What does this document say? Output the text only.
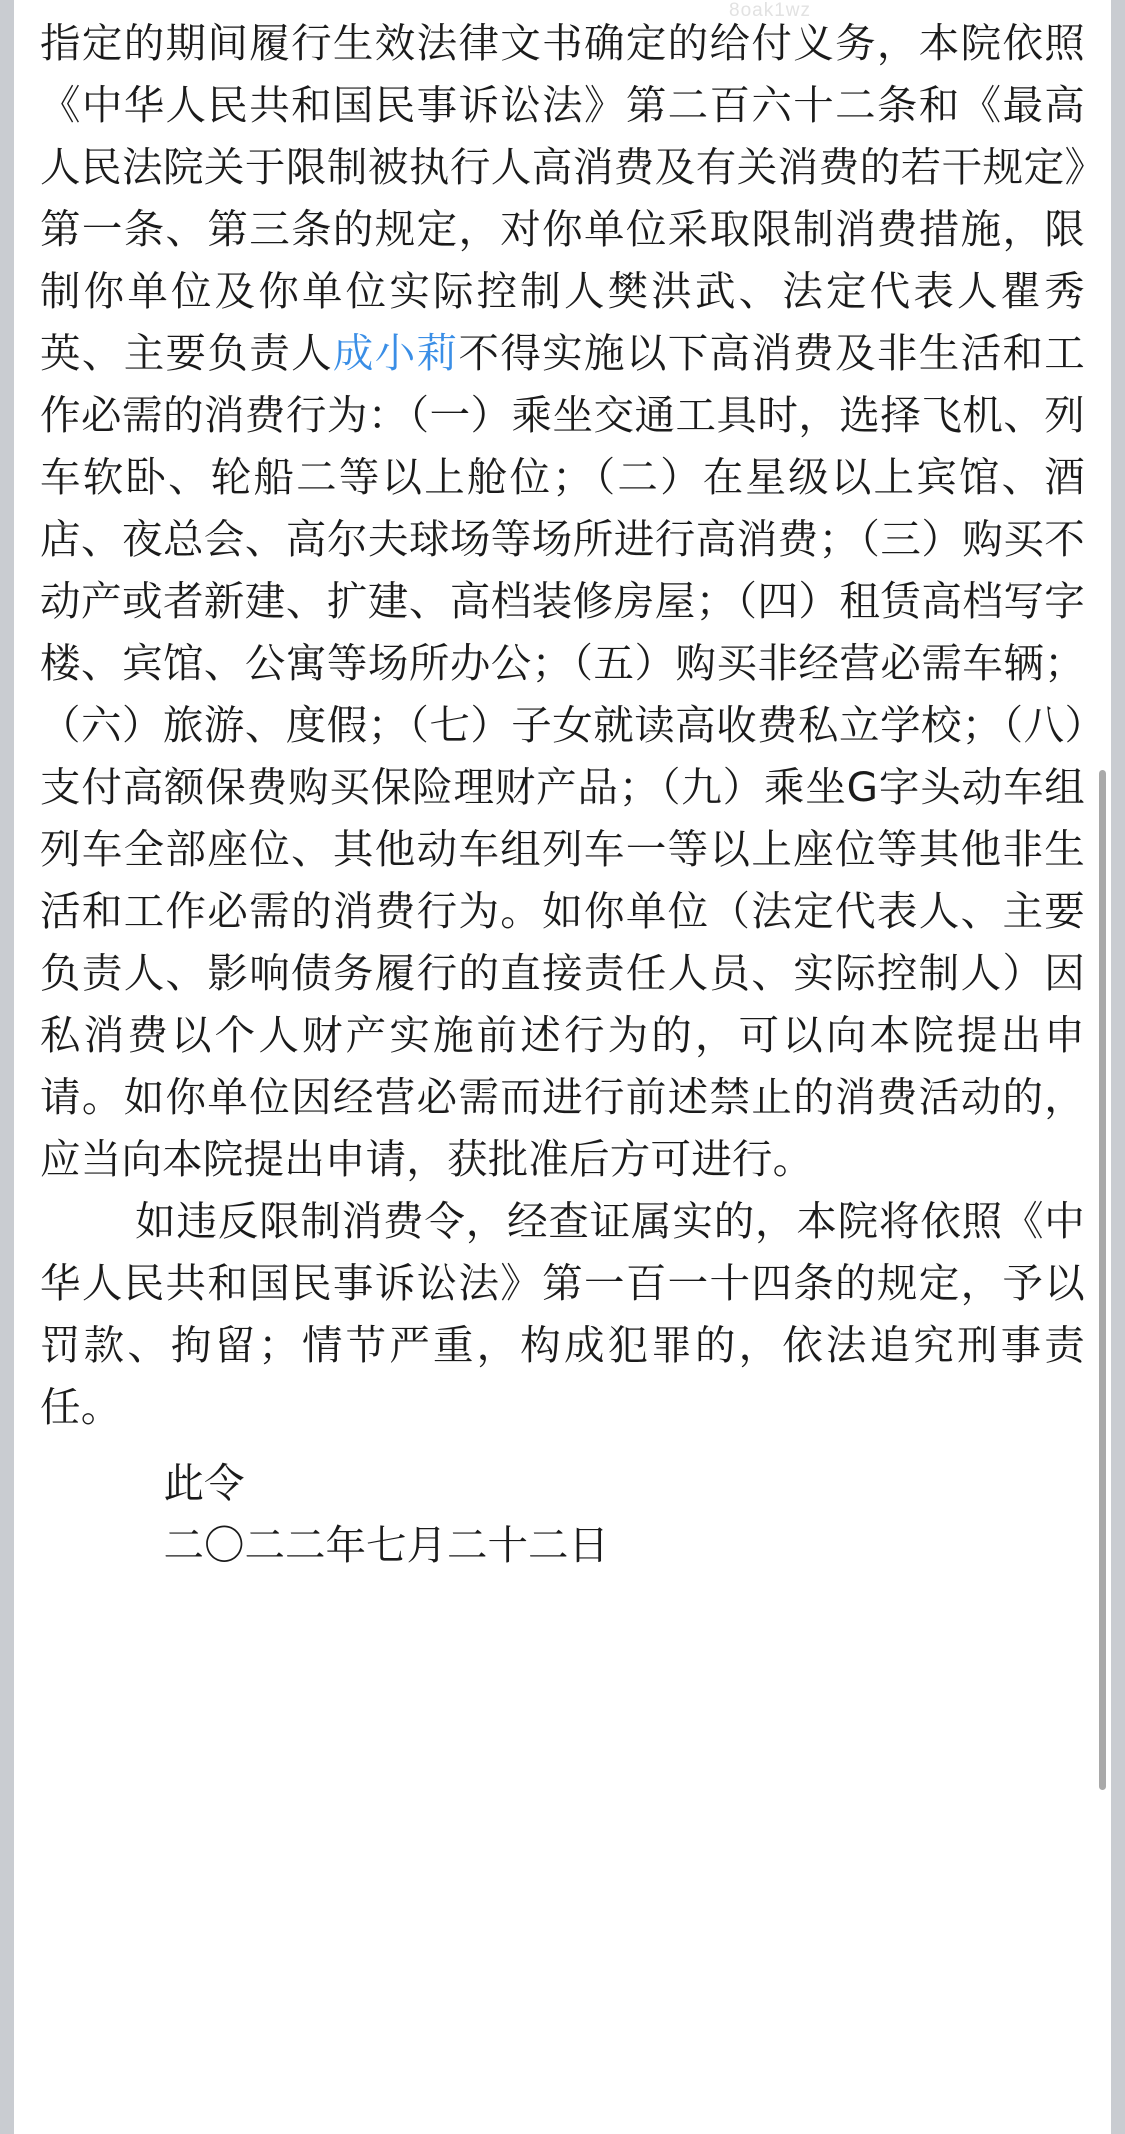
8oak1wz

指定的期间履行生效法律文书确定的给付义务，本院依照《中华人民共和国民事诉讼法》第二百六十二条和《最高人民法院关于限制被执行人高消费及有关消费的若干规定》第一条、第三条的规定，对你单位采取限制消费措施，限制你单位及你单位实际控制人樊洪武、法定代表人瞿秀英、主要负责人成小莉不得实施以下高消费及非生活和工作必需的消费行为：（一）乘坐交通工具时，选择飞机、列车软卧、轮船二等以上舱位；（二）在星级以上宾馆、酒店、夜总会、高尔夫球场等场所进行高消费；（三）购买不动产或者新建、扩建、高档装修房屋；（四）租赁高档写字楼、宾馆、公寓等场所办公；（五）购买非经营必需车辆；（六）旅游、度假；（七）子女就读高收费私立学校；（八）支付高额保费购买保险理财产品；（九）乘坐G字头动车组列车全部座位、其他动车组列车一等以上座位等其他非生活和工作必需的消费行为。如你单位（法定代表人、主要负责人、影响债务履行的直接责任人员、实际控制人）因私消费以个人财产实施前述行为的，可以向本院提出申请。如你单位因经营必需而进行前述禁止的消费活动的，应当向本院提出申请，获批准后方可进行。

如违反限制消费令，经查证属实的，本院将依照《中华人民共和国民事诉讼法》第一百一十四条的规定，予以罚款、拘留；情节严重，构成犯罪的，依法追究刑事责任。

此令

二〇二二年七月二十二日
